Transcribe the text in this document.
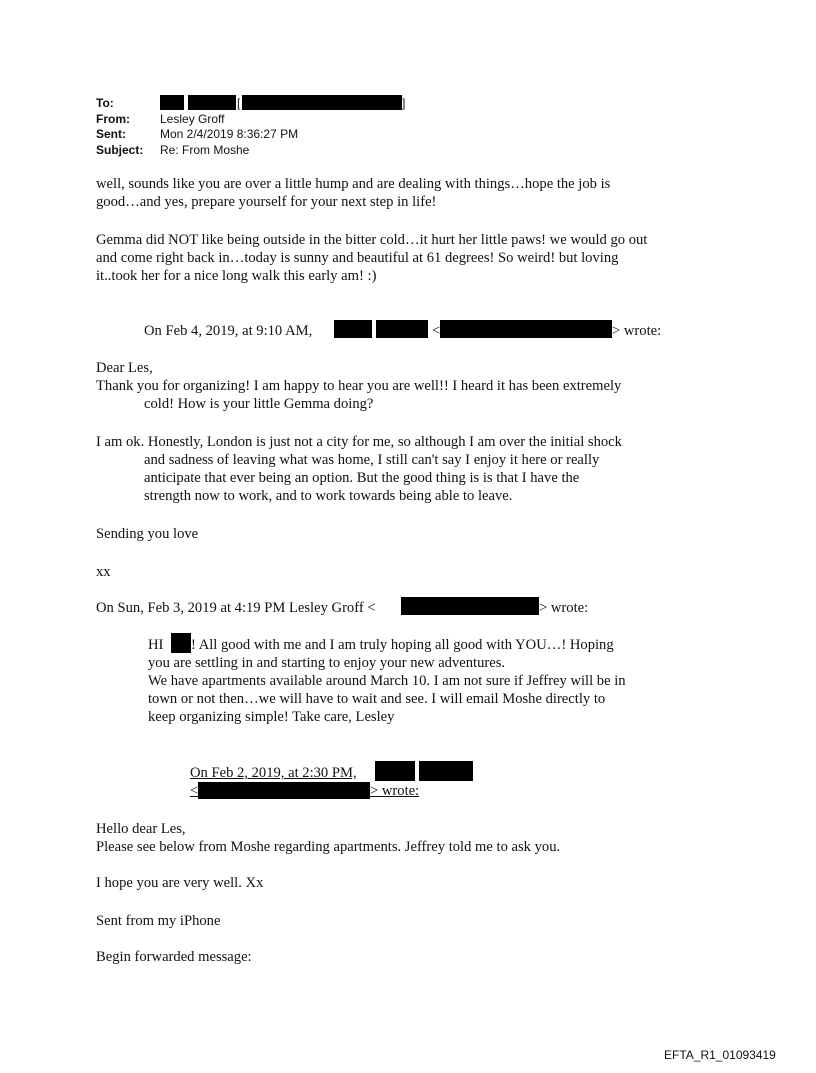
To:	[	]
From:	Lesley Groff
Sent:	Mon 2/4/2019 8:36:27 PM
Subject: Re: From Moshe
well, sounds like you are over a little hump and are dealing with things…hope the job is
good…and yes, prepare yourself for your next step in life!
Gemma did NOT like being outside in the bitter cold…it hurt her little paws! we would go out
and come right back in…today is sunny and beautiful at 61 degrees! So weird! but loving
it..took her for a nice long walk this early am! :)
On Feb 4, 2019, at 9:10 AM,	<	> wrote:
Dear Les,
Thank you for organizing! I am happy to hear you are well!! I heard it has been extremely
cold! How is your little Gemma doing?
I am ok. Honestly, London is just not a city for me, so although I am over the initial shock
and sadness of leaving what was home, I still can't say I enjoy it here or really
anticipate that ever being an option. But the good thing is is that I have the
strength now to work, and to work towards being able to leave.
Sending you love
xx
On Sun, Feb 3, 2019 at 4:19 PM Lesley Groff <	> wrote:
HI ! All good with me and I am truly hoping all good with YOU…! Hoping
you are settling in and starting to enjoy your new adventures.
We have apartments available around March 10. I am not sure if Jeffrey will be in
town or not then…we will have to wait and see. I will email Moshe directly to
keep organizing simple! Take care, Lesley
On Feb 2, 2019, at 2:30 PM,
<	> wrote:
Hello dear Les,
Please see below from Moshe regarding apartments. Jeffrey told me to ask you.
I hope you are very well. Xx
Sent from my iPhone
Begin forwarded message:
EFTA_R1_01093419
